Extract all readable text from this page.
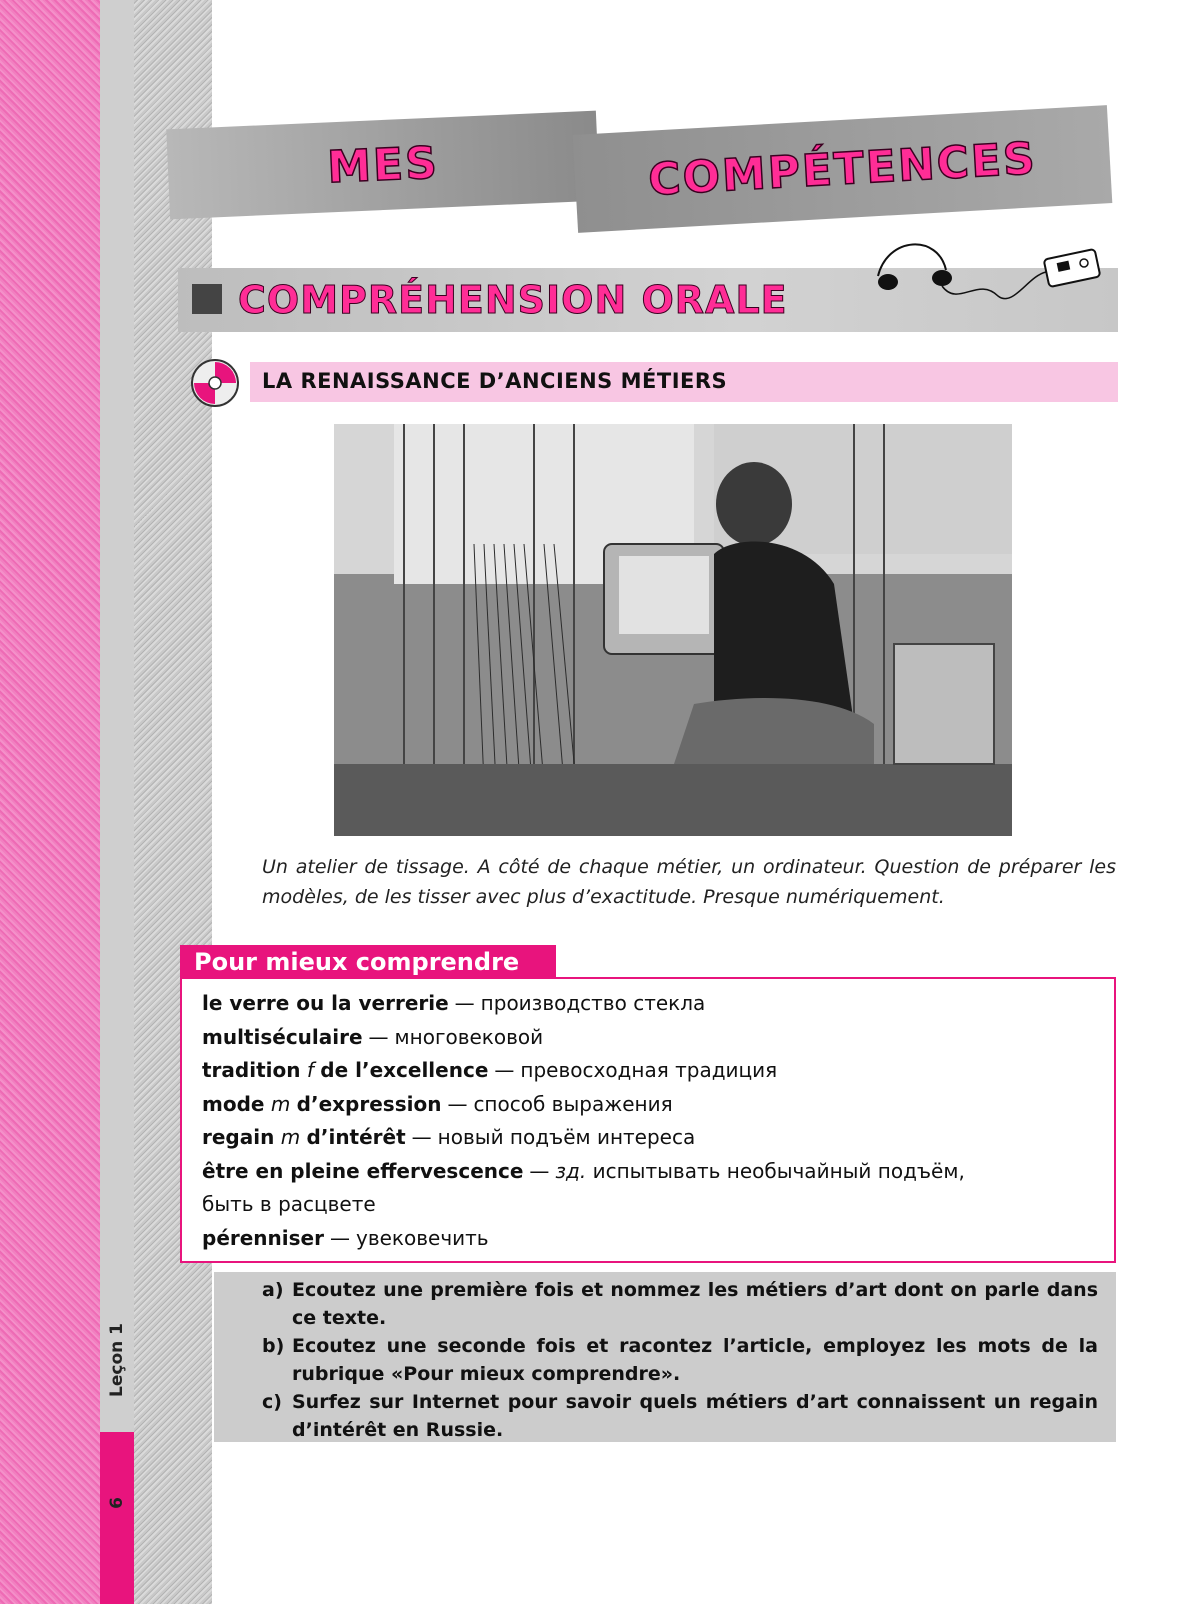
Leçon 1
6
MES	COMPÉTENCES
COMPRÉHENSION ORALE
LA RENAISSANCE D’ANCIENS MÉTIERS
Un atelier de tissage. A côté de chaque métier, un ordinateur. Question de préparer les modèles, de les tisser avec plus d’exactitude. Presque numériquement.
Pour mieux comprendre
le verre ou la verrerie — производство стекла
multiséculaire — многовековой
tradition f de l’excellence — превосходная традиция
mode m d’expression — способ выражения
regain m d’intérêt — новый подъём интереса
être en pleine effervescence — зд. испытывать необычайный подъём,
быть в расцвете
pérenniser — увековечить
a) Ecoutez une première fois et nommez les métiers d’art dont on parle dans ce texte.
b) Ecoutez une seconde fois et racontez l’article, employez les mots de la rubrique «Pour mieux comprendre».
c) Surfez sur Internet pour savoir quels métiers d’art connaissent un regain d’intérêt en Russie.
